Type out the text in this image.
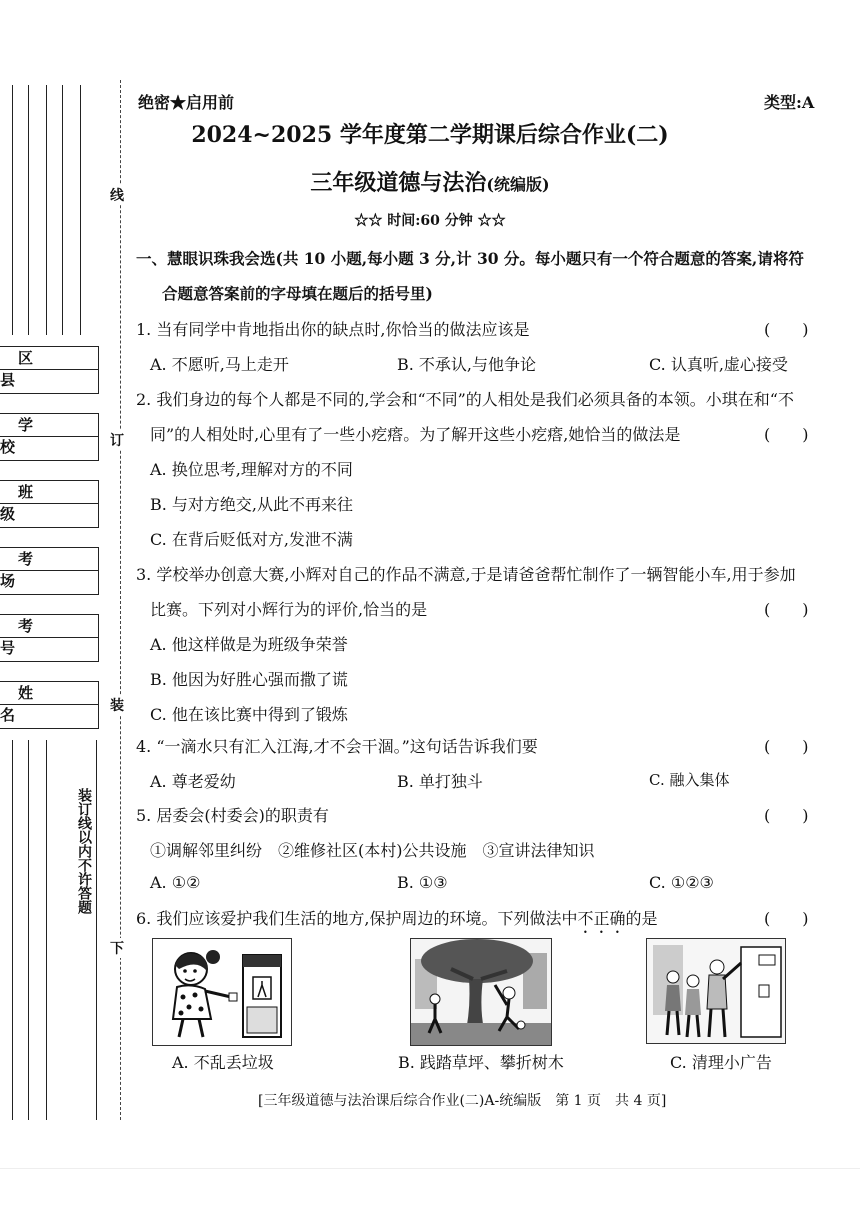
区　县
学　校
班　级
考　场
考　号
姓　名
线
订
装
下
装订线以内不许答题
绝密★启用前	类型:A
2024~2025 学年度第二学期课后综合作业(二)
三年级道德与法治(统编版)
☆☆ 时间:60 分钟 ☆☆
一、慧眼识珠我会选(共 10 小题,每小题 3 分,计 30 分。每小题只有一个符合题意的答案,请将符
合题意答案前的字母填在题后的括号里)
1. 当有同学中肯地指出你的缺点时,你恰当的做法应该是	(　　)
A. 不愿听,马上走开	B. 不承认,与他争论	C. 认真听,虚心接受
2. 我们身边的每个人都是不同的,学会和“不同”的人相处是我们必须具备的本领。小琪在和“不
同”的人相处时,心里有了一些小疙瘩。为了解开这些小疙瘩,她恰当的做法是	(　　)
A. 换位思考,理解对方的不同
B. 与对方绝交,从此不再来往
C. 在背后贬低对方,发泄不满
3. 学校举办创意大赛,小辉对自己的作品不满意,于是请爸爸帮忙制作了一辆智能小车,用于参加
比赛。下列对小辉行为的评价,恰当的是	(　　)
A. 他这样做是为班级争荣誉
B. 他因为好胜心强而撒了谎
C. 他在该比赛中得到了锻炼
4. “一滴水只有汇入江海,才不会干涸。”这句话告诉我们要	(　　)
A. 尊老爱幼	B. 单打独斗	C. 融入集体
5. 居委会(村委会)的职责有	(　　)
①调解邻里纠纷　②维修社区(本村)公共设施　③宣讲法律知识
A. ①②	B. ①③	C. ①②③
6. 我们应该爱护我们生活的地方,保护周边的环境。下列做法中不正确的是	(　　)
A. 不乱丢垃圾	B. 践踏草坪、攀折树木	C. 清理小广告
[三年级道德与法治课后综合作业(二)A-统编版　第 1 页　共 4 页]
